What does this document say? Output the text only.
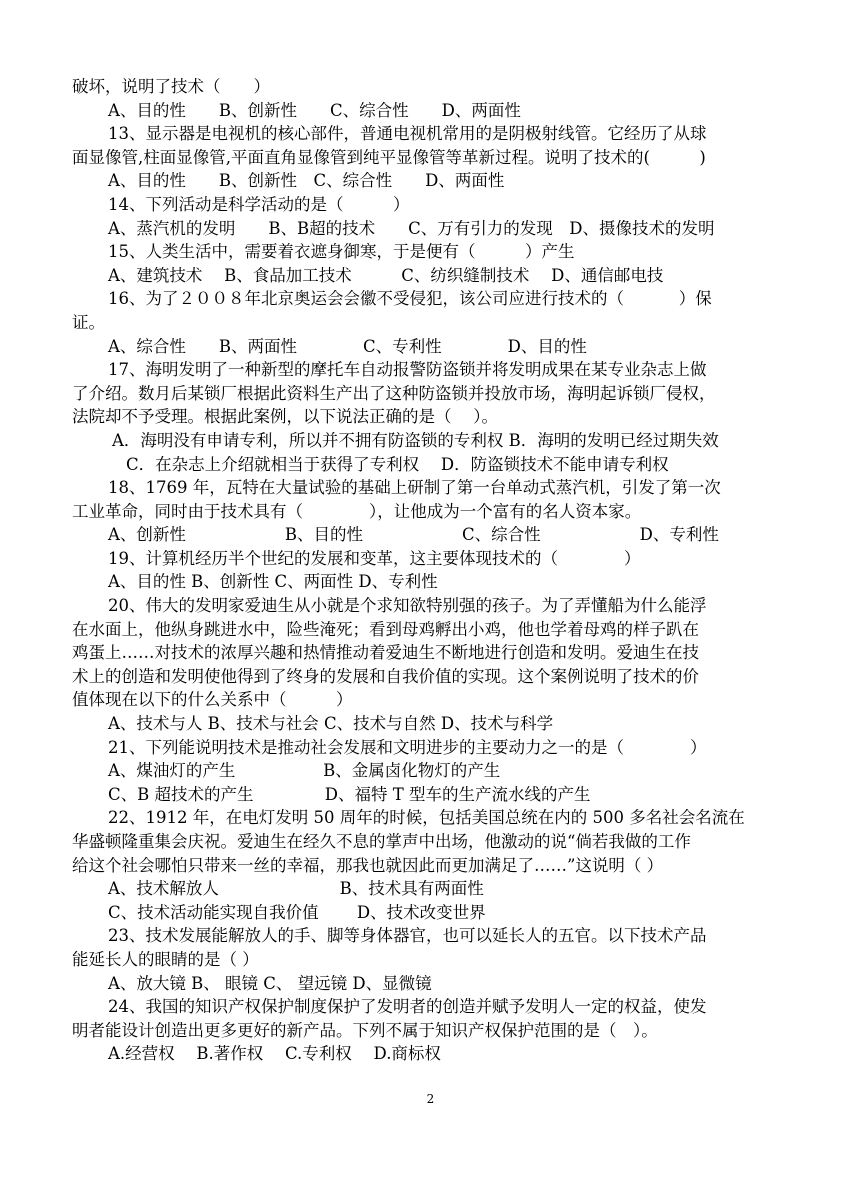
破坏，说明了技术（　　）
A、目的性　　B、创新性　　C、综合性　　D、两面性
13、显示器是电视机的核心部件，普通电视机常用的是阴极射线管。它经历了从球
面显像管,柱面显像管,平面直角显像管到纯平显像管等革新过程。说明了技术的(　　　)
A、目的性　　B、创新性　C、综合性　　D、两面性
14、下列活动是科学活动的是（　　　）
A、蒸汽机的发明　　B、B超的技术　　C、万有引力的发现　D、摄像技术的发明
15、人类生活中，需要着衣遮身御寒，于是便有（　　　）产生
A、建筑技术　 B、食品加工技术　　　C、纺织缝制技术　 D、通信邮电技
16、为了２００８年北京奥运会会徽不受侵犯，该公司应进行技术的（　　　 ）保
证。
A、综合性　　B、两面性　　　　C、专利性　　　　D、目的性
17、海明发明了一种新型的摩托车自动报警防盗锁并将发明成果在某专业杂志上做
了介绍。数月后某锁厂根据此资料生产出了这种防盗锁并投放市场，海明起诉锁厂侵权，
法院却不予受理。根据此案例，以下说法正确的是（　 ）。
A．海明没有申请专利，所以并不拥有防盗锁的专利权 B．海明的发明已经过期失效
C．在杂志上介绍就相当于获得了专利权　 D．防盗锁技术不能申请专利权
18、1769 年，瓦特在大量试验的基础上研制了第一台单动式蒸汽机，引发了第一次
工业革命，同时由于技术具有（　　　　），让他成为一个富有的名人资本家。
A、创新性　　　　　　B、目的性　　　　　　C、综合性　　　　　　D、专利性
19、计算机经历半个世纪的发展和变革，这主要体现技术的（　　　　）
A、目的性 B、创新性 C、两面性 D、专利性
20、伟大的发明家爱迪生从小就是个求知欲特别强的孩子。为了弄懂船为什么能浮
在水面上，他纵身跳进水中，险些淹死；看到母鸡孵出小鸡，他也学着母鸡的样子趴在
鸡蛋上……对技术的浓厚兴趣和热情推动着爱迪生不断地进行创造和发明。爱迪生在技
术上的创造和发明使他得到了终身的发展和自我价值的实现。这个案例说明了技术的价
值体现在以下的什么关系中（　　　）
A、技术与人 B、技术与社会 C、技术与自然 D、技术与科学
21、下列能说明技术是推动社会发展和文明进步的主要动力之一的是（　　　　）
A、煤油灯的产生　　　　　 B、金属卤化物灯的产生
C、B 超技术的产生　　　　 D、福特 T 型车的生产流水线的产生
22、1912 年，在电灯发明 50 周年的时候，包括美国总统在内的 500 多名社会名流在
华盛顿隆重集会庆祝。爱迪生在经久不息的掌声中出场，他激动的说“倘若我做的工作
给这个社会哪怕只带来一丝的幸福，那我也就因此而更加满足了……”这说明（ ）
A、技术解放人　　　　　　　 B、技术具有两面性
C、技术活动能实现自我价值　　 D、技术改变世界
23、技术发展能解放人的手、脚等身体器官，也可以延长人的五官。以下技术产品
能延长人的眼睛的是（ ）
A、放大镜 B、 眼镜 C、 望远镜 D、显微镜
24、我国的知识产权保护制度保护了发明者的创造并赋予发明人一定的权益，使发
明者能设计创造出更多更好的新产品。下列不属于知识产权保护范围的是（　）。
A.经营权　 B.著作权　 C.专利权　 D.商标权
2
